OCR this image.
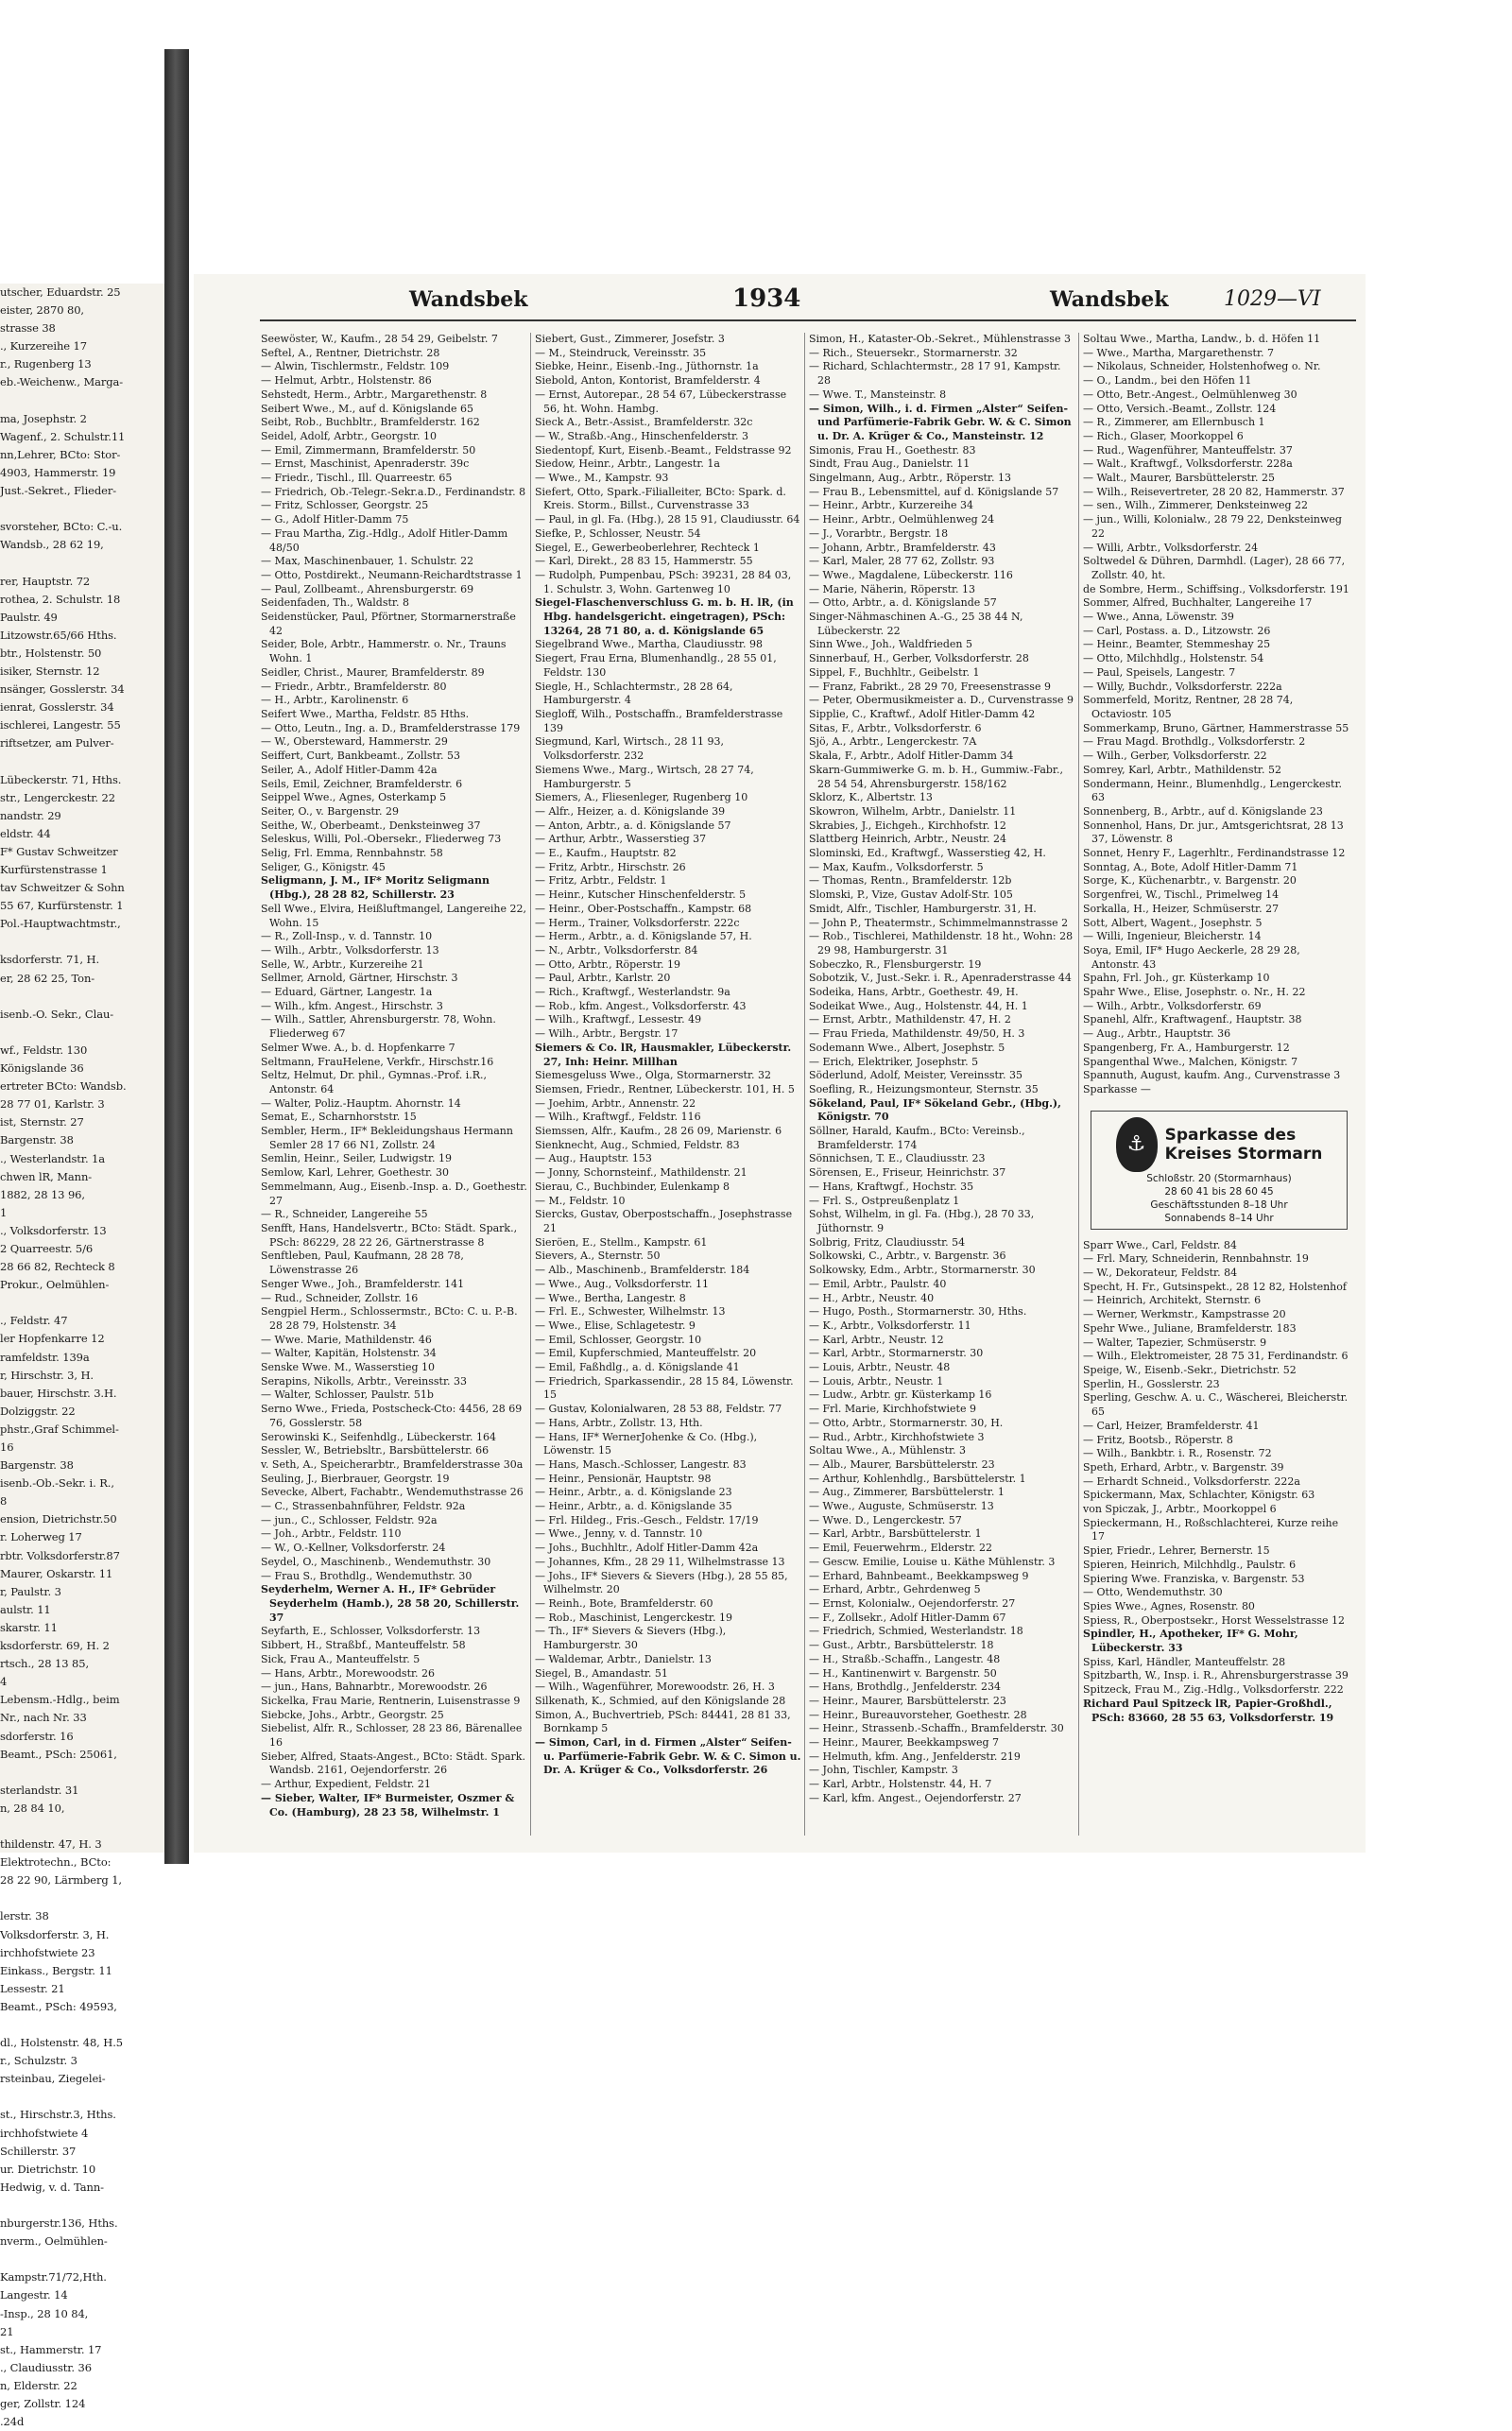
utscher, Eduardstr. 25
eister, 2870 80,
strasse 38
., Kurzereihe 17
r., Rugenberg 13
eb.-Weichenw., Marga-

ma, Josephstr. 2
Wagenf., 2. Schulstr.11
nn,Lehrer, BCto: Stor-
4903, Hammerstr. 19
Just.-Sekret., Flieder-

svorsteher, BCto: C.-u.
Wandsb., 28 62 19,

rer, Hauptstr. 72
rothea, 2. Schulstr. 18
Paulstr. 49
Litzowstr.65/66 Hths.
btr., Holstenstr. 50
isiker, Sternstr. 12
nsänger, Gosslerstr. 34
ienrat, Gosslerstr. 34
ischlerei, Langestr. 55
riftsetzer, am Pulver-

Lübeckerstr. 71, Hths.
str., Lengerckestr. 22
nandstr. 29
eldstr. 44
F* Gustav Schweitzer
Kurfürstenstrasse 1
tav Schweitzer & Sohn
55 67, Kurfürstenstr. 1
Pol.-Hauptwachtmstr.,

ksdorferstr. 71, H.
er, 28 62 25, Ton-

isenb.-O. Sekr., Clau-

wf., Feldstr. 130
Königslande 36
ertreter BCto: Wandsb.
28 77 01, Karlstr. 3
ist, Sternstr. 27
Bargenstr. 38
., Westerlandstr. 1a
chwen lR, Mann-
1882, 28 13 96,
1
., Volksdorferstr. 13
2 Quarreestr. 5/6
28 66 82, Rechteck 8
Prokur., Oelmühlen-

., Feldstr. 47
ler Hopfenkarre 12
ramfeldstr. 139a
r, Hirschstr. 3, H.
bauer, Hirschstr. 3.H.
Dolziggstr. 22
phstr.,Graf Schimmel-
16
Bargenstr. 38
isenb.-Ob.-Sekr. i. R.,
8
ension, Dietrichstr.50
r. Loherweg 17
rbtr. Volksdorferstr.87
Maurer, Oskarstr. 11
r, Paulstr. 3
aulstr. 11
skarstr. 11
ksdorferstr. 69, H. 2
rtsch., 28 13 85,
4
Lebensm.-Hdlg., beim
Nr., nach Nr. 33
sdorferstr. 16
Beamt., PSch: 25061,

sterlandstr. 31
n, 28 84 10,

thildenstr. 47, H. 3
Elektrotechn., BCto:
28 22 90, Lärmberg 1,

lerstr. 38
Volksdorferstr. 3, H.
irchhofstwiete 23
Einkass., Bergstr. 11
Lessestr. 21
Beamt., PSch: 49593,

dl., Holstenstr. 48, H.5
r., Schulzstr. 3
rsteinbau, Ziegelei-

st., Hirschstr.3, Hths.
irchhofstwiete 4
Schillerstr. 37
ur. Dietrichstr. 10
Hedwig, v. d. Tann-

nburgerstr.136, Hths.
nverm., Oelmühlen-

Kampstr.71/72,Hth.
Langestr. 14
-Insp., 28 10 84,
21
st., Hammerstr. 17
., Claudiusstr. 36
n, Elderstr. 22
ger, Zollstr. 124
.24d
Wandsbek	1934	Wandsbek	1029—VI

Seewöster, W., Kaufm., 28 54 29, Geibelstr. 7

Seftel, A., Rentner, Dietrichstr. 28

— Alwin, Tischlermstr., Feldstr. 109

— Helmut, Arbtr., Holstenstr. 86

Sehstedt, Herm., Arbtr., Margarethenstr. 8

Seibert Wwe., M., auf d. Königslande 65

Seibt, Rob., Buchbltr., Bramfelderstr. 162

Seidel, Adolf, Arbtr., Georgstr. 10

— Emil, Zimmermann, Bramfelderstr. 50

— Ernst, Maschinist, Apenraderstr. 39c

— Friedr., Tischl., Ill. Quarreestr. 65

— Friedrich, Ob.-Telegr.-Sekr.a.D., Ferdinandstr. 8

— Fritz, Schlosser, Georgstr. 25

— G., Adolf Hitler-Damm 75

— Frau Martha, Zig.-Hdlg., Adolf Hitler-Damm 48/50

— Max, Maschinenbauer, 1. Schulstr. 22

— Otto, Postdirekt., Neumann-Reichardtstrasse 1

— Paul, Zollbeamt., Ahrensburgerstr. 69

Seidenfaden, Th., Waldstr. 8

Seidenstücker, Paul, Pförtner, Stormarnerstraße 42

Seider, Bole, Arbtr., Hammerstr. o. Nr., Trauns Wohn. 1

Seidler, Christ., Maurer, Bramfelderstr. 89

— Friedr., Arbtr., Bramfelderstr. 80

— H., Arbtr., Karolinenstr. 6

Seifert Wwe., Martha, Feldstr. 85 Hths.

— Otto, Leutn., Ing. a. D., Bramfelderstrasse 179

— W., Obersteward, Hammerstr. 29

Seiffert, Curt, Bankbeamt., Zollstr. 53

Seiler, A., Adolf Hitler-Damm 42a

Seils, Emil, Zeichner, Bramfelderstr. 6

Seippel Wwe., Agnes, Osterkamp 5

Seiter, O., v. Bargenstr. 29

Seithe, W., Oberbeamt., Denksteinweg 37

Seleskus, Willi, Pol.-Obersekr., Fliederweg 73

Selig, Frl. Emma, Rennbahnstr. 58

Seliger, G., Königstr. 45

Seligmann, J. M., IF* Moritz Seligmann (Hbg.), 28 28 82, Schillerstr. 23

Sell Wwe., Elvira, Heißluftmangel, Langereihe 22, Wohn. 15

— R., Zoll-Insp., v. d. Tannstr. 10

— Wilh., Arbtr., Volksdorferstr. 13

Selle, W., Arbtr., Kurzereihe 21

Sellmer, Arnold, Gärtner, Hirschstr. 3

— Eduard, Gärtner, Langestr. 1a

— Wilh., kfm. Angest., Hirschstr. 3

— Wilh., Sattler, Ahrensburgerstr. 78, Wohn. Fliederweg 67

Selmer Wwe. A., b. d. Hopfenkarre 7

Seltmann, FrauHelene, Verkfr., Hirschstr.16

Seltz, Helmut, Dr. phil., Gymnas.-Prof. i.R., Antonstr. 64

— Walter, Poliz.-Hauptm. Ahornstr. 14

Semat, E., Scharnhorststr. 15

Sembler, Herm., IF* Bekleidungshaus Hermann Semler 28 17 66 N1, Zollstr. 24

Semlin, Heinr., Seiler, Ludwigstr. 19

Semlow, Karl, Lehrer, Goethestr. 30

Semmelmann, Aug., Eisenb.-Insp. a. D., Goethestr. 27

— R., Schneider, Langereihe 55

Senfft, Hans, Handelsvertr., BCto: Städt. Spark., PSch: 86229, 28 22 26, Gärtnerstrasse 8

Senftleben, Paul, Kaufmann, 28 28 78, Löwenstrasse 26

Senger Wwe., Joh., Bramfelderstr. 141

— Rud., Schneider, Zollstr. 16

Sengpiel Herm., Schlossermstr., BCto: C. u. P.-B. 28 28 79, Holstenstr. 34

— Wwe. Marie, Mathildenstr. 46

— Walter, Kapitän, Holstenstr. 34

Senske Wwe. M., Wasserstieg 10

Serapins, Nikolls, Arbtr., Vereinsstr. 33

— Walter, Schlosser, Paulstr. 51b

Serno Wwe., Frieda, Postscheck-Cto: 4456, 28 69 76, Gosslerstr. 58

Serowinski K., Seifenhdlg., Lübeckerstr. 164

Sessler, W., Betriebsltr., Barsbüttelerstr. 66

v. Seth, A., Speicherarbtr., Bramfelderstrasse 30a

Seuling, J., Bierbrauer, Georgstr. 19

Sevecke, Albert, Fachabtr., Wendemuthstrasse 26

— C., Strassenbahnführer, Feldstr. 92a

— jun., C., Schlosser, Feldstr. 92a

— Joh., Arbtr., Feldstr. 110

— W., O.-Kellner, Volksdorferstr. 24

Seydel, O., Maschinenb., Wendemuthstr. 30

— Frau S., Brothdlg., Wendemuthstr. 30

Seyderhelm, Werner A. H., IF* Gebrüder Seyderhelm (Hamb.), 28 58 20, Schillerstr. 37

Seyfarth, E., Schlosser, Volksdorferstr. 13

Sibbert, H., Straßbf., Manteuffelstr. 58

Sick, Frau A., Manteuffelstr. 5

— Hans, Arbtr., Morewoodstr. 26

— jun., Hans, Bahnarbtr., Morewoodstr. 26

Sickelka, Frau Marie, Rentnerin, Luisenstrasse 9

Siebcke, Johs., Arbtr., Georgstr. 25

Siebelist, Alfr. R., Schlosser, 28 23 86, Bärenallee 16

Sieber, Alfred, Staats-Angest., BCto: Städt. Spark. Wandsb. 2161, Oejendorferstr. 26

— Arthur, Expedient, Feldstr. 21

— Sieber, Walter, IF* Burmeister, Oszmer & Co. (Hamburg), 28 23 58, Wilhelmstr. 1

Siebert, Gust., Zimmerer, Josefstr. 3

— M., Steindruck, Vereinsstr. 35

Siebke, Heinr., Eisenb.-Ing., Jüthornstr. 1a

Siebold, Anton, Kontorist, Bramfelderstr. 4

— Ernst, Autorepar., 28 54 67, Lübeckerstrasse 56, ht. Wohn. Hambg.

Sieck A., Betr.-Assist., Bramfelderstr. 32c

— W., Straßb.-Ang., Hinschenfelderstr. 3

Siedentopf, Kurt, Eisenb.-Beamt., Feldstrasse 92

Siedow, Heinr., Arbtr., Langestr. 1a

— Wwe., M., Kampstr. 93

Siefert, Otto, Spark.-Filialleiter, BCto: Spark. d. Kreis. Storm., Billst., Curvenstrasse 33

— Paul, in gl. Fa. (Hbg.), 28 15 91, Claudiusstr. 64

Siefke, P., Schlosser, Neustr. 54

Siegel, E., Gewerbeoberlehrer, Rechteck 1

— Karl, Direkt., 28 83 15, Hammerstr. 55

— Rudolph, Pumpenbau, PSch: 39231, 28 84 03, 1. Schulstr. 3, Wohn. Gartenweg 10

Siegel-Flaschenverschluss G. m. b. H. lR, (in Hbg. handelsgericht. eingetragen), PSch: 13264, 28 71 80, a. d. Königslande 65

Siegelbrand Wwe., Martha, Claudiusstr. 98

Siegert, Frau Erna, Blumenhandlg., 28 55 01, Feldstr. 130

Siegle, H., Schlachtermstr., 28 28 64, Hamburgerstr. 4

Siegloff, Wilh., Postschaffn., Bramfelderstrasse 139

Siegmund, Karl, Wirtsch., 28 11 93, Volksdorferstr. 232

Siemens Wwe., Marg., Wirtsch, 28 27 74, Hamburgerstr. 5

Siemers, A., Fliesenleger, Rugenberg 10

— Alfr., Heizer, a. d. Königslande 39

— Anton, Arbtr., a. d. Königslande 57

— Arthur, Arbtr., Wasserstieg 37

— E., Kaufm., Hauptstr. 82

— Fritz, Arbtr., Hirschstr. 26

— Fritz, Arbtr., Feldstr. 1

— Heinr., Kutscher Hinschenfelderstr. 5

— Heinr., Ober-Postschaffn., Kampstr. 68

— Herm., Trainer, Volksdorferstr. 222c

— Herm., Arbtr., a. d. Königslande 57, H.

— N., Arbtr., Volksdorferstr. 84

— Otto, Arbtr., Röperstr. 19

— Paul, Arbtr., Karlstr. 20

— Rich., Kraftwgf., Westerlandstr. 9a

— Rob., kfm. Angest., Volksdorferstr. 43

— Wilh., Kraftwgf., Lessestr. 49

— Wilh., Arbtr., Bergstr. 17

Siemers & Co. lR, Hausmakler, Lübeckerstr. 27, Inh: Heinr. Millhan

Siemesgeluss Wwe., Olga, Stormarnerstr. 32

Siemsen, Friedr., Rentner, Lübeckerstr. 101, H. 5

— Joehim, Arbtr., Annenstr. 22

— Wilh., Kraftwgf., Feldstr. 116

Siemssen, Alfr., Kaufm., 28 26 09, Marienstr. 6

Sienknecht, Aug., Schmied, Feldstr. 83

— Aug., Hauptstr. 153

— Jonny, Schornsteinf., Mathildenstr. 21

Sierau, C., Buchbinder, Eulenkamp 8

— M., Feldstr. 10

Siercks, Gustav, Oberpostschaffn., Josephstrasse 21

Sieröen, E., Stellm., Kampstr. 61

Sievers, A., Sternstr. 50

— Alb., Maschinenb., Bramfelderstr. 184

— Wwe., Aug., Volksdorferstr. 11

— Wwe., Bertha, Langestr. 8

— Frl. E., Schwester, Wilhelmstr. 13

— Wwe., Elise, Schlagetestr. 9

— Emil, Schlosser, Georgstr. 10

— Emil, Kupferschmied, Manteuffelstr. 20

— Emil, Faßhdlg., a. d. Königslande 41

— Friedrich, Sparkassendir., 28 15 84, Löwenstr. 15

— Gustav, Kolonialwaren, 28 53 88, Feldstr. 77

— Hans, Arbtr., Zollstr. 13, Hth.

— Hans, IF* WernerJohenke & Co. (Hbg.), Löwenstr. 15

— Hans, Masch.-Schlosser, Langestr. 83

— Heinr., Pensionär, Hauptstr. 98

— Heinr., Arbtr., a. d. Königslande 23

— Heinr., Arbtr., a. d. Königslande 35

— Frl. Hildeg., Fris.-Gesch., Feldstr. 17/19

— Wwe., Jenny, v. d. Tannstr. 10

— Johs., Buchhltr., Adolf Hitler-Damm 42a

— Johannes, Kfm., 28 29 11, Wilhelmstrasse 13

— Johs., IF* Sievers & Sievers (Hbg.), 28 55 85, Wilhelmstr. 20

— Reinh., Bote, Bramfelderstr. 60

— Rob., Maschinist, Lengerckestr. 19

— Th., IF* Sievers & Sievers (Hbg.), Hamburgerstr. 30

— Waldemar, Arbtr., Danielstr. 13

Siegel, B., Amandastr. 51

— Wilh., Wagenführer, Morewoodstr. 26, H. 3

Silkenath, K., Schmied, auf den Königslande 28

Simon, A., Buchvertrieb, PSch: 84441, 28 81 33, Bornkamp 5

— Simon, Carl, in d. Firmen „Alster“ Seifen- u. Parfümerie-Fabrik Gebr. W. & C. Simon u. Dr. A. Krüger & Co., Volksdorferstr. 26

Simon, H., Kataster-Ob.-Sekret., Mühlenstrasse 3

— Rich., Steuersekr., Stormarnerstr. 32

— Richard, Schlachtermstr., 28 17 91, Kampstr. 28

— Wwe. T., Mansteinstr. 8

— Simon, Wilh., i. d. Firmen „Alster“ Seifen- und Parfümerie-Fabrik Gebr. W. & C. Simon u. Dr. A. Krüger & Co., Mansteinstr. 12

Simonis, Frau H., Goethestr. 83

Sindt, Frau Aug., Danielstr. 11

Singelmann, Aug., Arbtr., Röperstr. 13

— Frau B., Lebensmittel, auf d. Königslande 57

— Heinr., Arbtr., Kurzereihe 34

— Heinr., Arbtr., Oelmühlenweg 24

— J., Vorarbtr., Bergstr. 18

— Johann, Arbtr., Bramfelderstr. 43

— Karl, Maler, 28 77 62, Zollstr. 93

— Wwe., Magdalene, Lübeckerstr. 116

— Marie, Näherin, Röperstr. 13

— Otto, Arbtr., a. d. Königslande 57

Singer-Nähmaschinen A.-G., 25 38 44 N, Lübeckerstr. 22

Sinn Wwe., Joh., Waldfrieden 5

Sinnerbauf, H., Gerber, Volksdorferstr. 28

Sippel, F., Buchhltr., Geibelstr. 1

— Franz, Fabrikt., 28 29 70, Freesenstrasse 9

— Peter, Obermusikmeister a. D., Curvenstrasse 9

Sipplie, C., Kraftwf., Adolf Hitler-Damm 42

Sitas, F., Arbtr., Volksdorferstr. 6

Sjö, A., Arbtr., Lengerckestr. 7A

Skala, F., Arbtr., Adolf Hitler-Damm 34

Skarn-Gummiwerke G. m. b. H., Gummiw.-Fabr., 28 54 54, Ahrensburgerstr. 158/162

Sklorz, K., Albertstr. 13

Skowron, Wilhelm, Arbtr., Danielstr. 11

Skrabies, J., Eichgeh., Kirchhofstr. 12

Slattberg Heinrich, Arbtr., Neustr. 24

Slominski, Ed., Kraftwgf., Wasserstieg 42, H.

— Max, Kaufm., Volksdorferstr. 5

— Thomas, Rentn., Bramfelderstr. 12b

Slomski, P., Vize, Gustav Adolf-Str. 105

Smidt, Alfr., Tischler, Hamburgerstr. 31, H.

— John P., Theatermstr., Schimmelmannstrasse 2

— Rob., Tischlerei, Mathildenstr. 18 ht., Wohn: 28 29 98, Hamburgerstr. 31

Sobeczko, R., Flensburgerstr. 19

Sobotzik, V., Just.-Sekr. i. R., Apenraderstrasse 44

Sodeika, Hans, Arbtr., Goethestr. 49, H.

Sodeikat Wwe., Aug., Holstenstr. 44, H. 1

— Ernst, Arbtr., Mathildenstr. 47, H. 2

— Frau Frieda, Mathildenstr. 49/50, H. 3

Sodemann Wwe., Albert, Josephstr. 5

— Erich, Elektriker, Josephstr. 5

Söderlund, Adolf, Meister, Vereinsstr. 35

Soefling, R., Heizungsmonteur, Sternstr. 35

Sökeland, Paul, IF* Sökeland Gebr., (Hbg.), Königstr. 70

Söllner, Harald, Kaufm., BCto: Vereinsb., Bramfelderstr. 174

Sönnichsen, T. E., Claudiusstr. 23

Sörensen, E., Friseur, Heinrichstr. 37

— Hans, Kraftwgf., Hochstr. 35

— Frl. S., Ostpreußenplatz 1

Sohst, Wilhelm, in gl. Fa. (Hbg.), 28 70 33, Jüthornstr. 9

Solbrig, Fritz, Claudiusstr. 54

Solkowski, C., Arbtr., v. Bargenstr. 36

Solkowsky, Edm., Arbtr., Stormarnerstr. 30

— Emil, Arbtr., Paulstr. 40

— H., Arbtr., Neustr. 40

— Hugo, Posth., Stormarnerstr. 30, Hths.

— K., Arbtr., Volksdorferstr. 11

— Karl, Arbtr., Neustr. 12

— Karl, Arbtr., Stormarnerstr. 30

— Louis, Arbtr., Neustr. 48

— Louis, Arbtr., Neustr. 1

— Ludw., Arbtr. gr. Küsterkamp 16

— Frl. Marie, Kirchhofstwiete 9

— Otto, Arbtr., Stormarnerstr. 30, H.

— Rud., Arbtr., Kirchhofstwiete 3

Soltau Wwe., A., Mühlenstr. 3

— Alb., Maurer, Barsbüttelerstr. 23

— Arthur, Kohlenhdlg., Barsbüttelerstr. 1

— Aug., Zimmerer, Barsbüttelerstr. 1

— Wwe., Auguste, Schmüserstr. 13

— Wwe. D., Lengerckestr. 57

— Karl, Arbtr., Barsbüttelerstr. 1

— Emil, Feuerwehrm., Elderstr. 22

— Gescw. Emilie, Louise u. Käthe Mühlenstr. 3

— Erhard, Bahnbeamt., Beekkampsweg 9

— Erhard, Arbtr., Gehrdenweg 5

— Ernst, Kolonialw., Oejendorferstr. 27

— F., Zollsekr., Adolf Hitler-Damm 67

— Friedrich, Schmied, Westerlandstr. 18

— Gust., Arbtr., Barsbüttelerstr. 18

— H., Straßb.-Schaffn., Langestr. 48

— H., Kantinenwirt v. Bargenstr. 50

— Hans, Brothdlg., Jenfelderstr. 234

— Heinr., Maurer, Barsbüttelerstr. 23

— Heinr., Bureauvorsteher, Goethestr. 28

— Heinr., Strassenb.-Schaffn., Bramfelderstr. 30

— Heinr., Maurer, Beekkampsweg 7

— Helmuth, kfm. Ang., Jenfelderstr. 219

— John, Tischler, Kampstr. 3

— Karl, Arbtr., Holstenstr. 44, H. 7

— Karl, kfm. Angest., Oejendorferstr. 27

Soltau Wwe., Martha, Landw., b. d. Höfen 11

— Wwe., Martha, Margarethenstr. 7

— Nikolaus, Schneider, Holstenhofweg o. Nr.

— O., Landm., bei den Höfen 11

— Otto, Betr.-Angest., Oelmühlenweg 30

— Otto, Versich.-Beamt., Zollstr. 124

— R., Zimmerer, am Ellernbusch 1

— Rich., Glaser, Moorkoppel 6

— Rud., Wagenführer, Manteuffelstr. 37

— Walt., Kraftwgf., Volksdorferstr. 228a

— Walt., Maurer, Barsbüttelerstr. 25

— Wilh., Reisevertreter, 28 20 82, Hammerstr. 37

— sen., Wilh., Zimmerer, Denksteinweg 22

— jun., Willi, Kolonialw., 28 79 22, Denksteinweg 22

— Willi, Arbtr., Volksdorferstr. 24

Soltwedel & Dühren, Darmhdl. (Lager), 28 66 77, Zollstr. 40, ht.

de Sombre, Herm., Schiffsing., Volksdorferstr. 191

Sommer, Alfred, Buchhalter, Langereihe 17

— Wwe., Anna, Löwenstr. 39

— Carl, Postass. a. D., Litzowstr. 26

— Heinr., Beamter, Stemmeshay 25

— Otto, Milchhdlg., Holstenstr. 54

— Paul, Speisels, Langestr. 7

— Willy, Buchdr., Volksdorferstr. 222a

Sommerfeld, Moritz, Rentner, 28 28 74, Octaviostr. 105

Sommerkamp, Bruno, Gärtner, Hammerstrasse 55

— Frau Magd. Brothdlg., Volksdorferstr. 2

— Wilh., Gerber, Volksdorferstr. 22

Somrey, Karl, Arbtr., Mathildenstr. 52

Sondermann, Heinr., Blumenhdlg., Lengerckestr. 63

Sonnenberg, B., Arbtr., auf d. Königslande 23

Sonnenhol, Hans, Dr. jur., Amtsgerichtsrat, 28 13 37, Löwenstr. 8

Sonnet, Henry F., Lagerhltr., Ferdinandstrasse 12

Sonntag, A., Bote, Adolf Hitler-Damm 71

Sorge, K., Küchenarbtr., v. Bargenstr. 20

Sorgenfrei, W., Tischl., Primelweg 14

Sorkalla, H., Heizer, Schmüserstr. 27

Sott, Albert, Wagent., Josephstr. 5

— Willi, Ingenieur, Bleicherstr. 14

Soya, Emil, IF* Hugo Aeckerle, 28 29 28, Antonstr. 43

Spahn, Frl. Joh., gr. Küsterkamp 10

Spahr Wwe., Elise, Josephstr. o. Nr., H. 22

— Wilh., Arbtr., Volksdorferstr. 69

Spanehl, Alfr., Kraftwagenf., Hauptstr. 38

— Aug., Arbtr., Hauptstr. 36

Spangenberg, Fr. A., Hamburgerstr. 12

Spangenthal Wwe., Malchen, Königstr. 7

Spannuth, August, kaufm. Ang., Curvenstrasse 3

Sparkasse —

⚓	Sparkasse des
Kreises Stormarn
Schloßstr. 20 (Stormarnhaus)
28 60 41 bis 28 60 45
Geschäftsstunden 8–18 Uhr
Sonnabends 8–14 Uhr

Sparr Wwe., Carl, Feldstr. 84

— Frl. Mary, Schneiderin, Rennbahnstr. 19

— W., Dekorateur, Feldstr. 84

Specht, H. Fr., Gutsinspekt., 28 12 82, Holstenhof

— Heinrich, Architekt, Sternstr. 6

— Werner, Werkmstr., Kampstrasse 20

Spehr Wwe., Juliane, Bramfelderstr. 183

— Walter, Tapezier, Schmüserstr. 9

— Wilh., Elektromeister, 28 75 31, Ferdinandstr. 6

Speige, W., Eisenb.-Sekr., Dietrichstr. 52

Sperlin, H., Gosslerstr. 23

Sperling, Geschw. A. u. C., Wäscherei, Bleicherstr. 65

— Carl, Heizer, Bramfelderstr. 41

— Fritz, Bootsb., Röperstr. 8

— Wilh., Bankbtr. i. R., Rosenstr. 72

Speth, Erhard, Arbtr., v. Bargenstr. 39

— Erhardt Schneid., Volksdorferstr. 222a

Spickermann, Max, Schlachter, Königstr. 63

von Spiczak, J., Arbtr., Moorkoppel 6

Spieckermann, H., Roßschlachterei, Kurze reihe 17

Spier, Friedr., Lehrer, Bernerstr. 15

Spieren, Heinrich, Milchhdlg., Paulstr. 6

Spiering Wwe. Franziska, v. Bargenstr. 53

— Otto, Wendemuthstr. 30

Spies Wwe., Agnes, Rosenstr. 80

Spiess, R., Oberpostsekr., Horst Wesselstrasse 12

Spindler, H., Apotheker, IF* G. Mohr, Lübeckerstr. 33

Spiss, Karl, Händler, Manteuffelstr. 28

Spitzbarth, W., Insp. i. R., Ahrensburgerstrasse 39

Spitzeck, Frau M., Zig.-Hdlg., Volksdorferstr. 222

Richard Paul Spitzeck lR, Papier-Großhdl., PSch: 83660, 28 55 63, Volksdorferstr. 19
